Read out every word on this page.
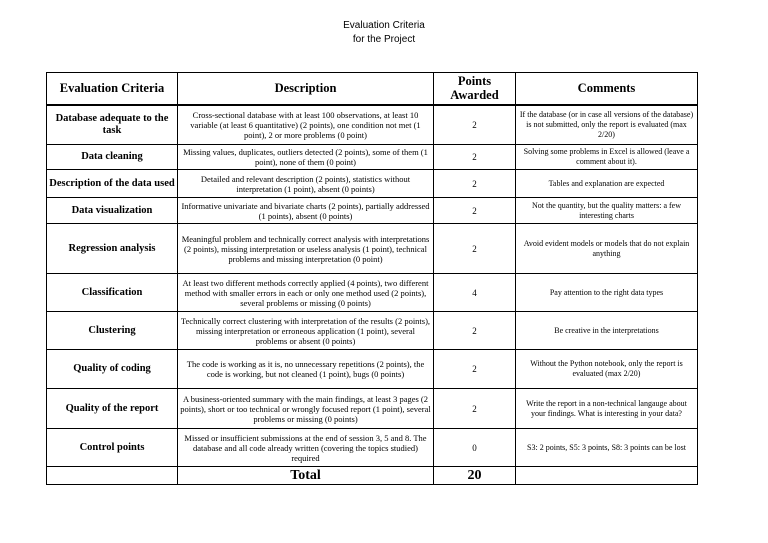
Evaluation Criteria
for the Project
Evaluation Criteria	Description	Points Awarded	Comments
Database adequate to the task	Cross-sectional database with at least 100 observations, at least 10 variable (at least 6 quantitative) (2 points), one condition not met (1 point), 2 or more problems (0 point)	2	If the database (or in case all versions of the database) is not submitted, only the report is evaluated (max 2/20)
Data cleaning	Missing values, duplicates, outliers detected (2 points), some of them (1 point), none of them (0 point)	2	Solving some problems in Excel is allowed (leave a comment about it).
Description of the data used	Detailed and relevant description (2 points), statistics without interpretation (1 point), absent (0 points)	2	Tables and explanation are expected
Data visualization	Informative univariate and bivariate charts (2 points), partially addressed (1 points), absent (0 points)	2	Not the quantity, but the quality matters: a few interesting charts
Regression analysis	Meaningful problem and technically correct analysis with interpretations (2 points), missing interpretation or useless analysis (1 point), technical problems and missing interpretation (0 point)	2	Avoid evident models or models that do not explain anything
Classification	At least two different methods correctly applied (4 points), two different method with smaller errors in each or only one method used (2 points), several problems or missing (0 points)	4	Pay attention to the right data types
Clustering	Technically correct clustering with interpretation of the results (2 points), missing interpretation or erroneous application (1 point), several problems or absent (0 points)	2	Be creative in the interpretations
Quality of coding	The code is working as it is, no unnecessary repetitions (2 points), the code is working, but not cleaned (1 point), bugs (0 points)	2	Without the Python notebook, only the report is evaluated (max 2/20)
Quality of the report	A business-oriented summary with the main findings, at least 3 pages (2 points), short or too technical or wrongly focused report (1 point), several problems or missing (0 points)	2	Write the report in a non-technical langauge about your findings. What is interesting in your data?
Control points	Missed or insufficient submissions at the end of session 3, 5 and 8. The database and all code already written (covering the topics studied) required	0	S3: 2 points, S5: 3 points, S8: 3 points can be lost
	Total	20	
